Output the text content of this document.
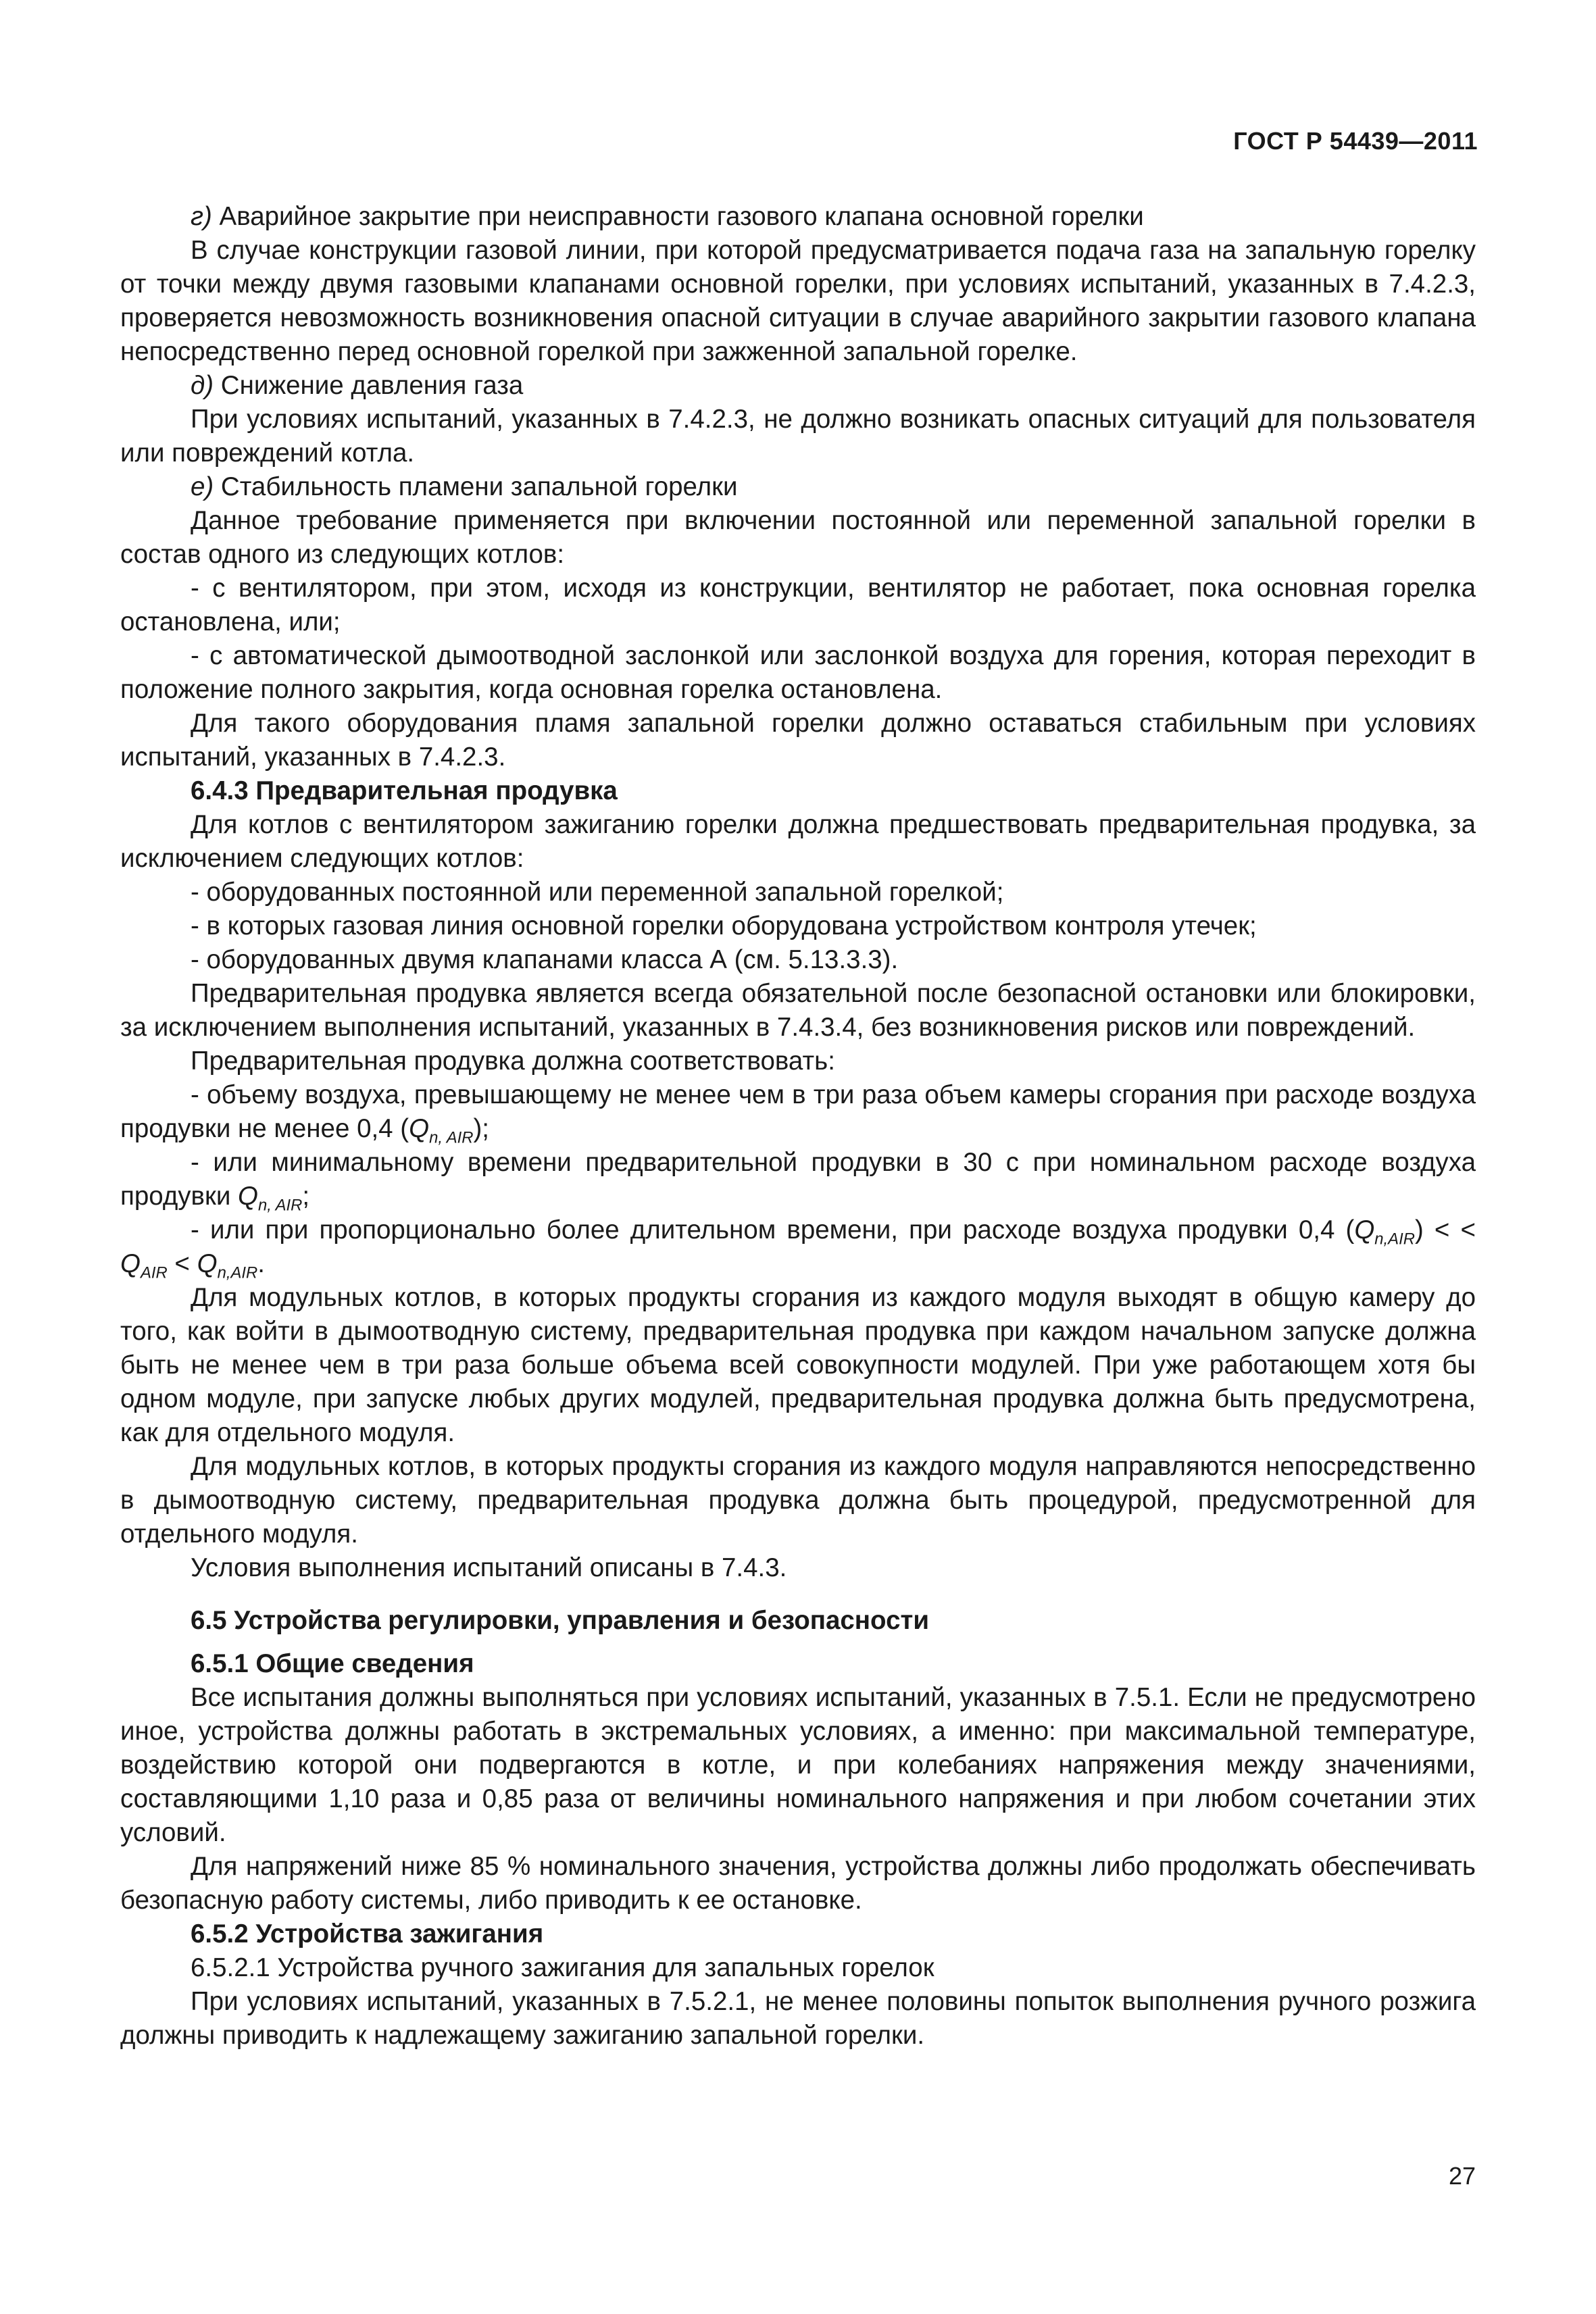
ГОСТ Р 54439—2011

г) Аварийное закрытие при неисправности газового клапана основной горелки

В случае конструкции газовой линии, при которой предусматривается подача газа на запальную горелку от точки между двумя газовыми клапанами основной горелки, при условиях испытаний, указанных в 7.4.2.3, проверяется невозможность возникновения опасной ситуации в случае аварийного закрытии газового клапана непосредственно перед основной горелкой при зажженной запальной горелке.

д) Снижение давления газа

При условиях испытаний, указанных в 7.4.2.3, не должно возникать опасных ситуаций для пользователя или повреждений котла.

е) Стабильность пламени запальной горелки

Данное требование применяется при включении постоянной или переменной запальной горелки в состав одного из следующих котлов:

- с вентилятором, при этом, исходя из конструкции, вентилятор не работает, пока основная горелка остановлена, или;

- с автоматической дымоотводной заслонкой или заслонкой воздуха для горения, которая переходит в положение полного закрытия, когда основная горелка остановлена.

Для такого оборудования пламя запальной горелки должно оставаться стабильным при условиях испытаний, указанных в 7.4.2.3.

6.4.3 Предварительная продувка

Для котлов с вентилятором зажиганию горелки должна предшествовать предварительная продувка, за исключением следующих котлов:

- оборудованных постоянной или переменной запальной горелкой;

- в которых газовая линия основной горелки оборудована устройством контроля утечек;

- оборудованных двумя клапанами класса А (см. 5.13.3.3).

Предварительная продувка является всегда обязательной после безопасной остановки или блокировки, за исключением выполнения испытаний, указанных в 7.4.3.4, без возникновения рисков или повреждений.

Предварительная продувка должна соответствовать:

- объему воздуха, превышающему не менее чем в три раза объем камеры сгорания при расходе воздуха продувки не менее 0,4 $(Q_{n, AIR})$;

- или минимальному времени предварительной продувки в 30 с при номинальном расходе воздуха продувки $Q_{n, AIR}$;

- или при пропорционально более длительном времени, при расходе воздуха продувки 0,4 $(Q_{n,AIR})$ < < $Q_{AIR} < Q_{n,AIR}$.

Для модульных котлов, в которых продукты сгорания из каждого модуля выходят в общую камеру до того, как войти в дымоотводную систему, предварительная продувка при каждом начальном запуске должна быть не менее чем в три раза больше объема всей совокупности модулей. При уже работающем хотя бы одном модуле, при запуске любых других модулей, предварительная продувка должна быть предусмотрена, как для отдельного модуля.

Для модульных котлов, в которых продукты сгорания из каждого модуля направляются непосредственно в дымоотводную систему, предварительная продувка должна быть процедурой, предусмотренной для отдельного модуля.

Условия выполнения испытаний описаны в 7.4.3.

6.5 Устройства регулировки, управления и безопасности

6.5.1 Общие сведения

Все испытания должны выполняться при условиях испытаний, указанных в 7.5.1. Если не предусмотрено иное, устройства должны работать в экстремальных условиях, а именно: при максимальной температуре, воздействию которой они подвергаются в котле, и при колебаниях напряжения между значениями, составляющими 1,10 раза и 0,85 раза от величины номинального напряжения и при любом сочетании этих условий.

Для напряжений ниже 85 % номинального значения, устройства должны либо продолжать обеспечивать безопасную работу системы, либо приводить к ее остановке.

6.5.2 Устройства зажигания

6.5.2.1 Устройства ручного зажигания для запальных горелок

При условиях испытаний, указанных в 7.5.2.1, не менее половины попыток выполнения ручного розжига должны приводить к надлежащему зажиганию запальной горелки.

27
